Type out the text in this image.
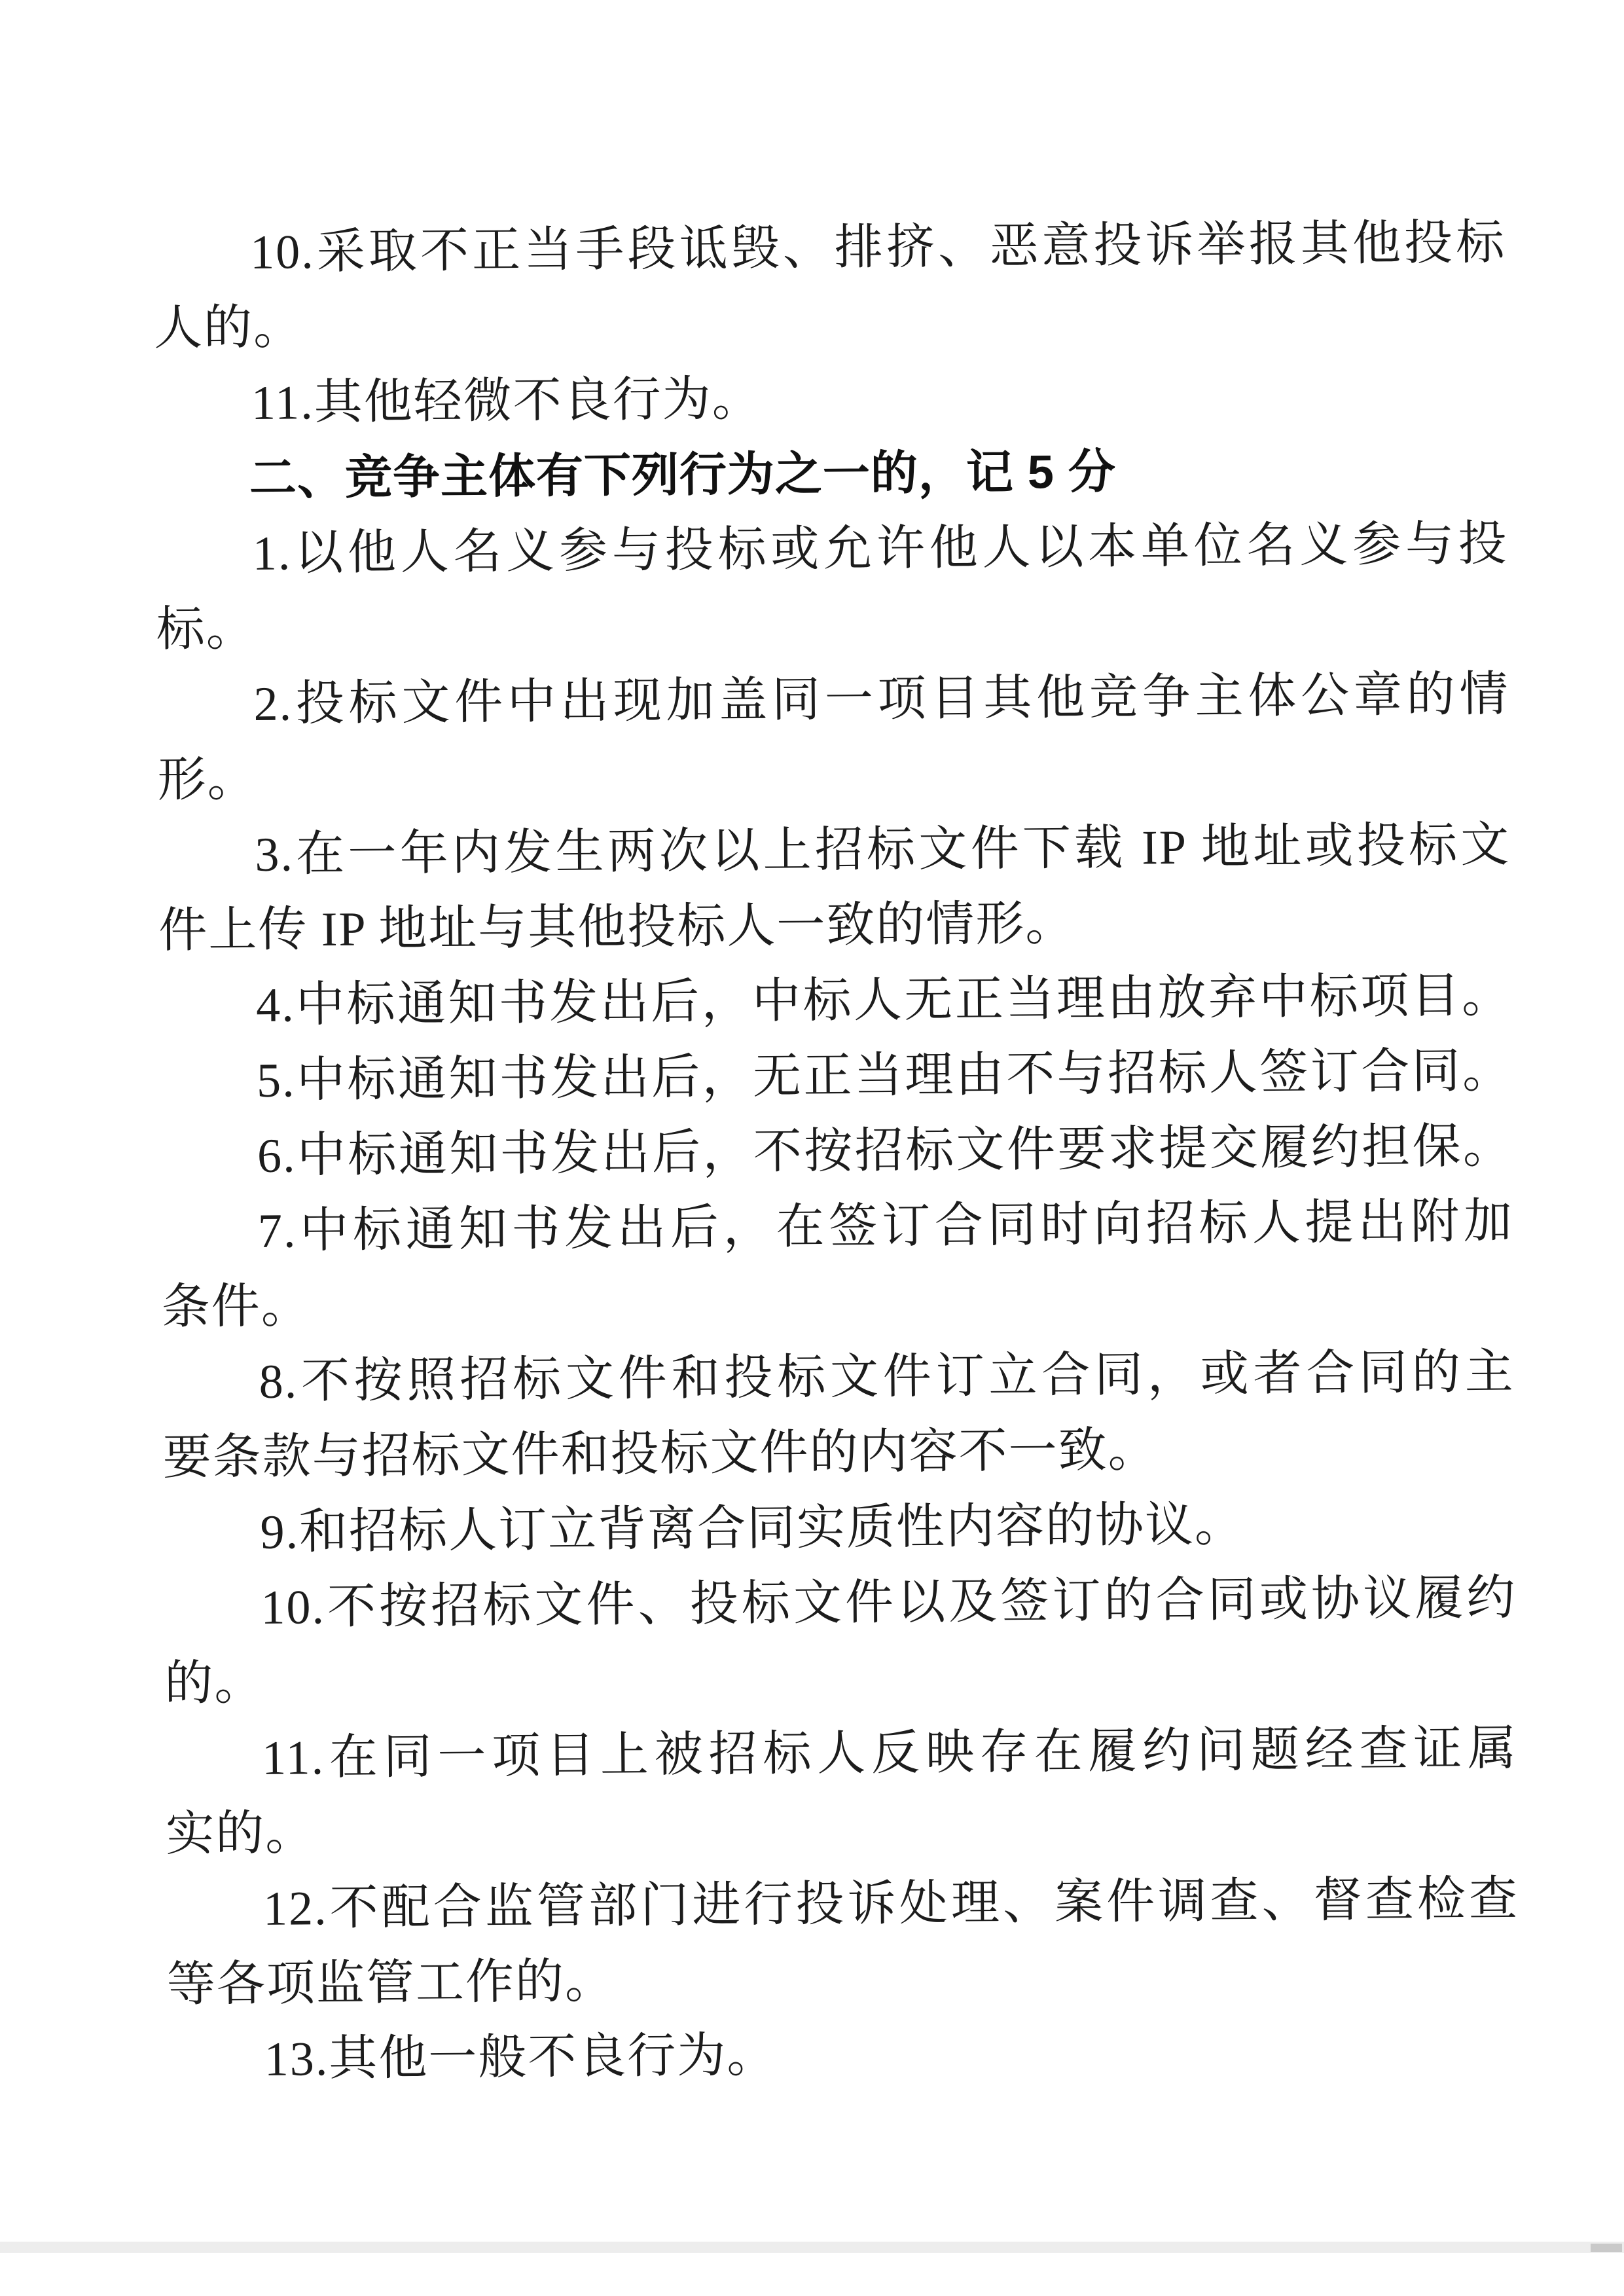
10.采取不正当手段诋毁、排挤、恶意投诉举报其他投标
人的。
11.其他轻微不良行为。
二、竞争主体有下列行为之一的，记 5 分
1.以他人名义参与投标或允许他人以本单位名义参与投
标。
2.投标文件中出现加盖同一项目其他竞争主体公章的情
形。
3.在一年内发生两次以上招标文件下载 IP 地址或投标文
件上传 IP 地址与其他投标人一致的情形。
4.中标通知书发出后，中标人无正当理由放弃中标项目。
5.中标通知书发出后，无正当理由不与招标人签订合同。
6.中标通知书发出后，不按招标文件要求提交履约担保。
7.中标通知书发出后，在签订合同时向招标人提出附加
条件。
8.不按照招标文件和投标文件订立合同，或者合同的主
要条款与招标文件和投标文件的内容不一致。
9.和招标人订立背离合同实质性内容的协议。
10.不按招标文件、投标文件以及签订的合同或协议履约
的。
11.在同一项目上被招标人反映存在履约问题经查证属
实的。
12.不配合监管部门进行投诉处理、案件调查、督查检查
等各项监管工作的。
13.其他一般不良行为。
